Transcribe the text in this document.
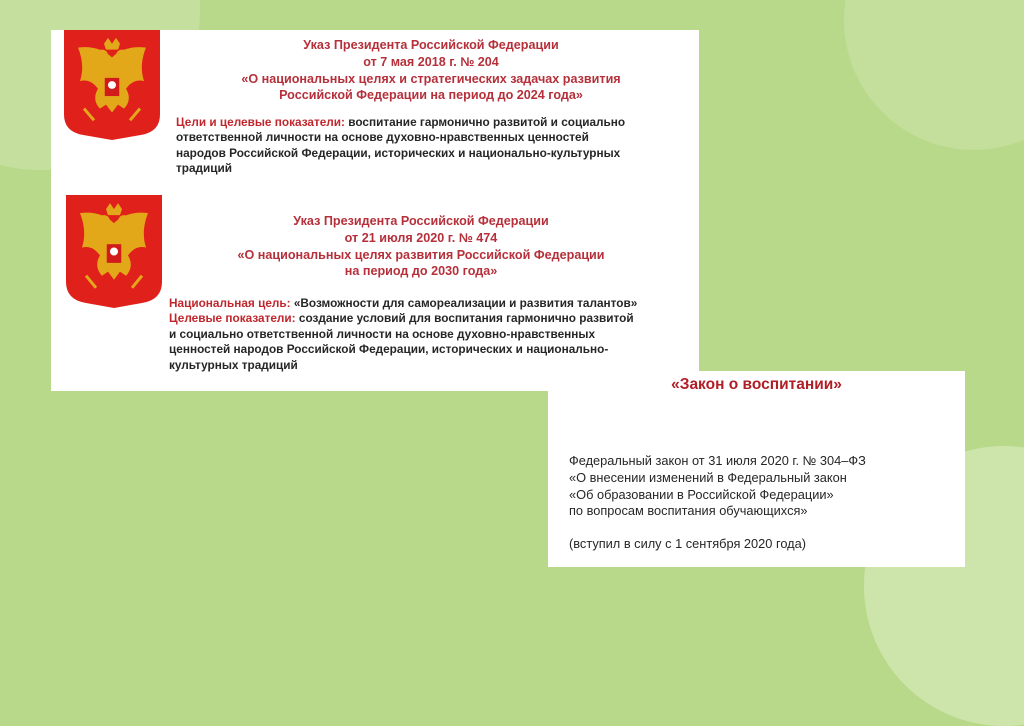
Указ Президента Российской Федерации
от 7 мая 2018 г. № 204
«О национальных целях и стратегических задачах развития
Российской Федерации на период до 2024 года»
Цели и целевые показатели: воспитание гармонично развитой и социально
ответственной личности на основе духовно-нравственных ценностей
народов Российской Федерации, исторических и национально-культурных
традиций
Указ Президента Российской Федерации
от 21 июля 2020 г. № 474
«О национальных целях развития Российской Федерации
на период до 2030 года»
Национальная цель: «Возможности для самореализации и развития талантов»
Целевые показатели: создание условий для воспитания гармонично развитой
и социально ответственной личности на основе духовно-нравственных
ценностей народов Российской Федерации, исторических и национально-
культурных традиций
«Закон о воспитании»
Федеральный закон от 31 июля 2020 г. № 304–ФЗ
«О внесении изменений в Федеральный закон
«Об образовании в Российской Федерации»
по вопросам воспитания обучающихся»
(вступил в силу с 1 сентября 2020 года)
